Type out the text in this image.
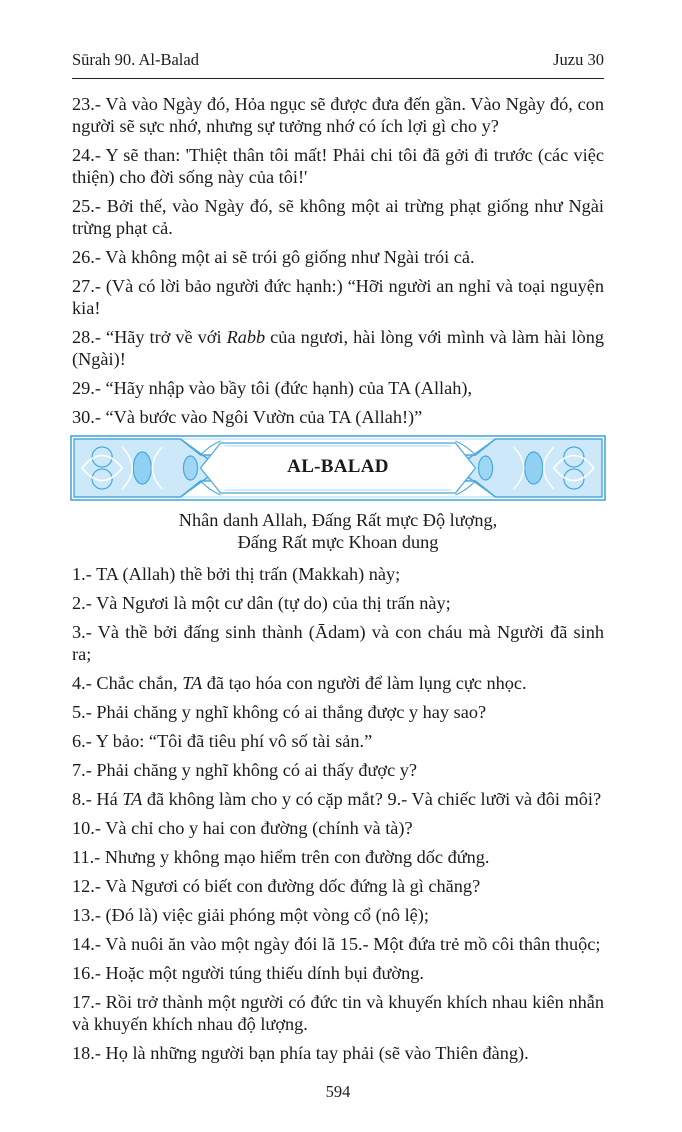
Sūrah 90. Al-Balad	Juzu 30

23.- Và vào Ngày đó, Hỏa ngục sẽ được đưa đến gần. Vào Ngày đó, con người sẽ sực nhớ, nhưng sự tưởng nhớ có ích lợi gì cho y?

24.- Y sẽ than: 'Thiệt thân tôi mất! Phải chi tôi đã gởi đi trước (các việc thiện) cho đời sống này của tôi!'

25.- Bởi thế, vào Ngày đó, sẽ không một ai trừng phạt giống như Ngài trừng phạt cả.

26.- Và không một ai sẽ trói gô giống như Ngài trói cả.

27.- (Và có lời bảo người đức hạnh:) “Hỡi người an nghỉ và toại nguyện kia!

28.- “Hãy trở về với Rabb của ngươi, hài lòng với mình và làm hài lòng (Ngài)!

29.- “Hãy nhập vào bầy tôi (đức hạnh) của TA (Allah),

30.- “Và bước vào Ngôi Vườn của TA (Allah!)”

AL-BALAD
Nhân danh Allah, Đấng Rất mực Độ lượng,
Đấng Rất mực Khoan dung

1.- TA (Allah) thề bởi thị trấn (Makkah) này;

2.- Và Ngươi là một cư dân (tự do) của thị trấn này;

3.- Và thề bởi đấng sinh thành (Ādam) và con cháu mà Người đã sinh ra;

4.- Chắc chắn, TA đã tạo hóa con người để làm lụng cực nhọc.

5.- Phải chăng y nghĩ không có ai thắng được y hay sao?

6.- Y bảo: “Tôi đã tiêu phí vô số tài sản.”

7.- Phải chăng y nghĩ không có ai thấy được y?

8.- Há TA đã không làm cho y có cặp mắt? 9.- Và chiếc lưỡi và đôi môi?

10.- Và chỉ cho y hai con đường (chính và tà)?

11.- Nhưng y không mạo hiểm trên con đường dốc đứng.

12.- Và Ngươi có biết con đường dốc đứng là gì chăng?

13.- (Đó là) việc giải phóng một vòng cổ (nô lệ);

14.- Và nuôi ăn vào một ngày đói lã 15.- Một đứa trẻ mồ côi thân thuộc;

16.- Hoặc một người túng thiếu dính bụi đường.

17.- Rồi trở thành một người có đức tin và khuyến khích nhau kiên nhẫn và khuyến khích nhau độ lượng.

18.- Họ là những người bạn phía tay phải (sẽ vào Thiên đàng).

594
